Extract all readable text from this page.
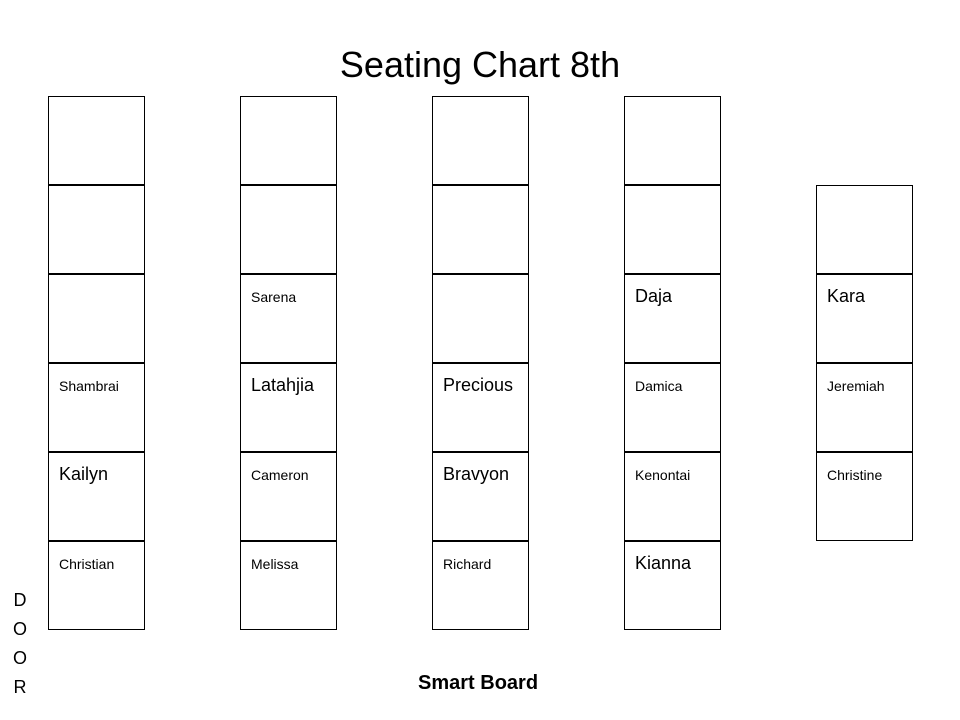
Seating Chart 8th
Shambrai
Kailyn
Christian
Sarena
Latahjia
Cameron
Melissa
Precious
Bravyon
Richard
Daja
Damica
Kenontai
Kianna
Kara
Jeremiah
Christine
D
O
O
R	Smart Board
